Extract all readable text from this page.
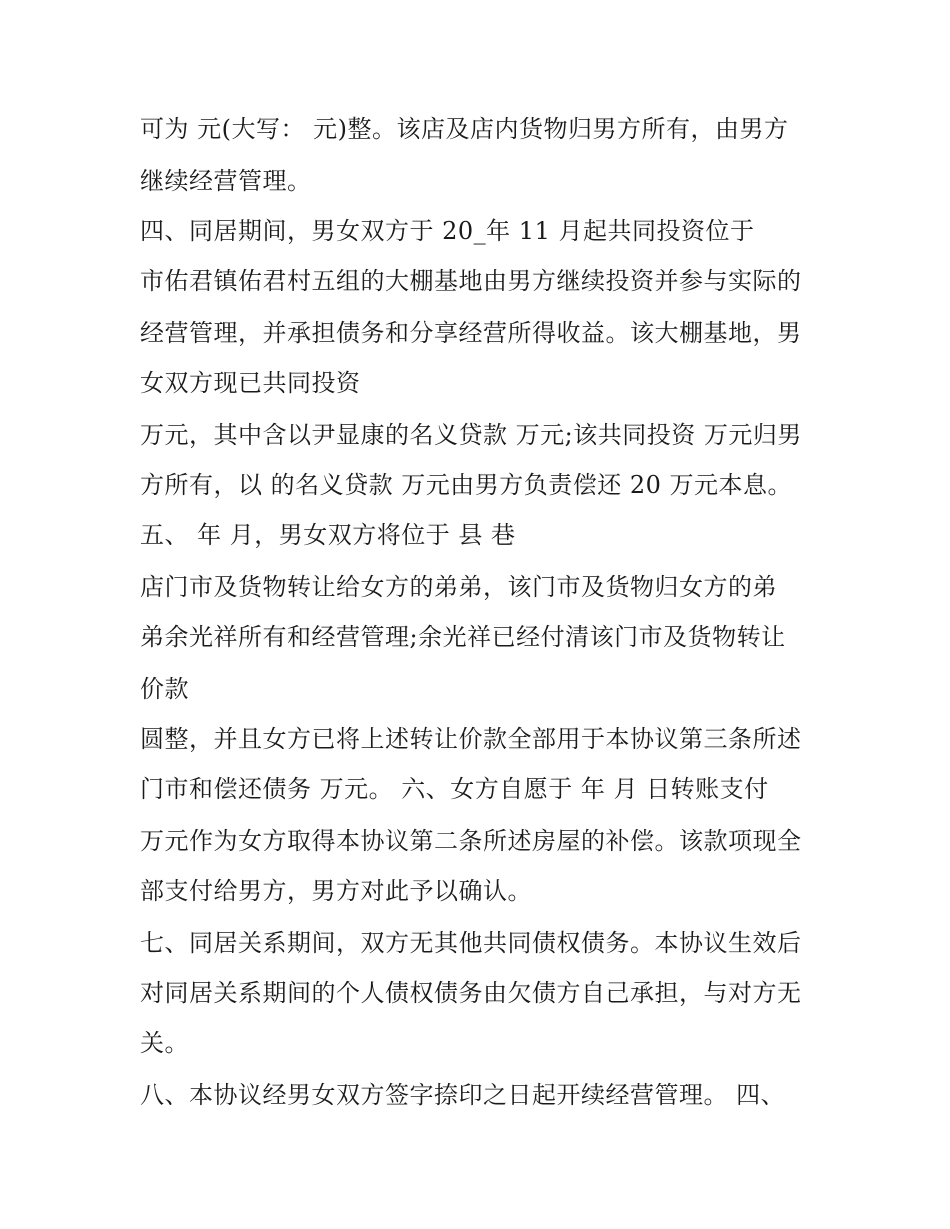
可为 元(大写： 元)整。该店及店内货物归男方所有，由男方
继续经营管理。
四、同居期间，男女双方于 20_年 11 月起共同投资位于
市佑君镇佑君村五组的大棚基地由男方继续投资并参与实际的
经营管理，并承担债务和分享经营所得收益。该大棚基地，男
女双方现已共同投资
万元，其中含以尹显康的名义贷款 万元;该共同投资 万元归男
方所有，以 的名义贷款 万元由男方负责偿还 20 万元本息。
五、 年 月，男女双方将位于 县 巷
店门市及货物转让给女方的弟弟，该门市及货物归女方的弟
弟余光祥所有和经营管理;余光祥已经付清该门市及货物转让
价款
圆整，并且女方已将上述转让价款全部用于本协议第三条所述
门市和偿还债务 万元。 六、女方自愿于 年 月 日转账支付
万元作为女方取得本协议第二条所述房屋的补偿。该款项现全
部支付给男方，男方对此予以确认。
七、同居关系期间，双方无其他共同债权债务。本协议生效后
对同居关系期间的个人债权债务由欠债方自己承担，与对方无
关。
八、本协议经男女双方签字捺印之日起开续经营管理。 四、
